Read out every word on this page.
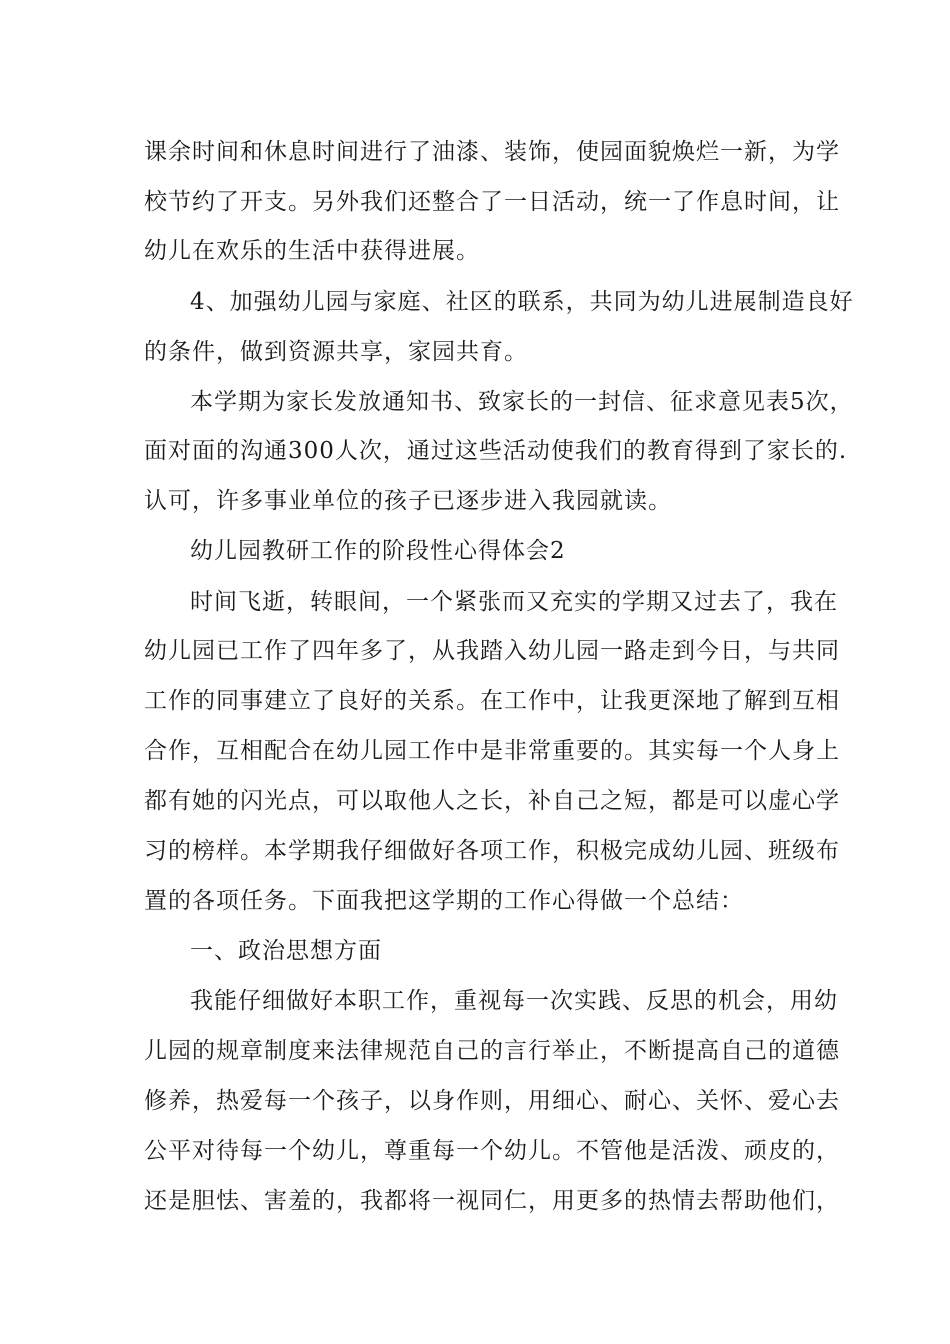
课余时间和休息时间进行了油漆、装饰，使园面貌焕烂一新，为学
校节约了开支。另外我们还整合了一日活动，统一了作息时间，让
幼儿在欢乐的生活中获得进展。
4、加强幼儿园与家庭、社区的联系，共同为幼儿进展制造良好
的条件，做到资源共享，家园共育。
本学期为家长发放通知书、致家长的一封信、征求意见表5次，
面对面的沟通300人次，通过这些活动使我们的教育得到了家长的.
认可，许多事业单位的孩子已逐步进入我园就读。
幼儿园教研工作的阶段性心得体会2
时间飞逝，转眼间，一个紧张而又充实的学期又过去了，我在
幼儿园已工作了四年多了，从我踏入幼儿园一路走到今日，与共同
工作的同事建立了良好的关系。在工作中，让我更深地了解到互相
合作，互相配合在幼儿园工作中是非常重要的。其实每一个人身上
都有她的闪光点，可以取他人之长，补自己之短，都是可以虚心学
习的榜样。本学期我仔细做好各项工作，积极完成幼儿园、班级布
置的各项任务。下面我把这学期的工作心得做一个总结：
一、政治思想方面
我能仔细做好本职工作，重视每一次实践、反思的机会，用幼
儿园的规章制度来法律规范自己的言行举止，不断提高自己的道德
修养，热爱每一个孩子，以身作则，用细心、耐心、关怀、爱心去
公平对待每一个幼儿，尊重每一个幼儿。不管他是活泼、顽皮的，
还是胆怯、害羞的，我都将一视同仁，用更多的热情去帮助他们，
